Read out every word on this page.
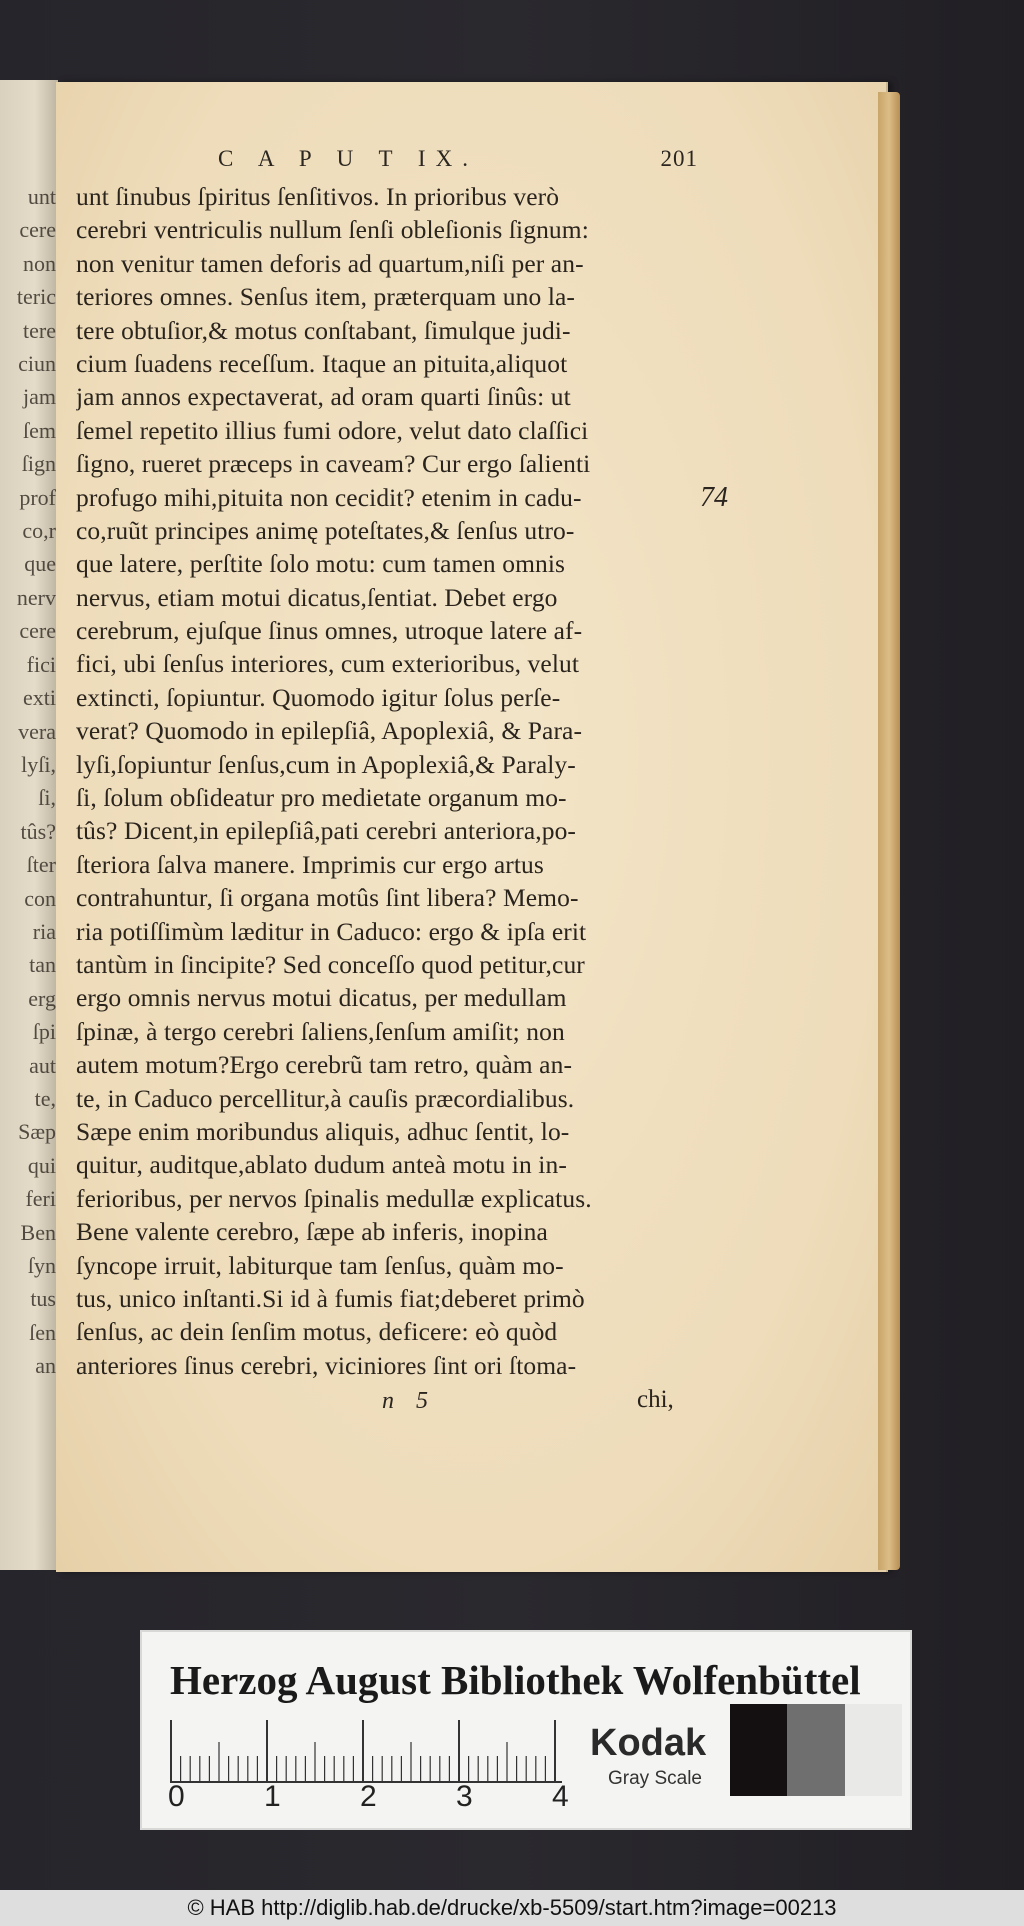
unt
cere
non
teric
tere
ciun
jam
ſem
ſign
prof
co,r
que
nerv
cere
fici
exti
vera
lyſi,
ſi,
tûs?
ſter
con
ria
tan
erg
ſpi
aut
te,
Sæp
qui
feri
Ben
ſyn
tus
ſen
an
C A P U T IX.	201
unt ſinubus ſpiritus ſenſitivos. In prioribus verò
cerebri ventriculis nullum ſenſi obleſionis ſignum:
non venitur tamen deforis ad quartum,niſi per an-
teriores omnes. Senſus item, præterquam uno la-
tere obtuſior,& motus conſtabant, ſimulque judi-
cium ſuadens receſſum. Itaque an pituita,aliquot
jam annos expectaverat, ad oram quarti ſinûs: ut
ſemel repetito illius fumi odore, velut dato claſſici
ſigno, rueret præceps in caveam? Cur ergo ſalienti
profugo mihi,pituita non cecidit? etenim in cadu-
co,ruũt principes animę poteſtates,& ſenſus utro-
que latere, perſtite ſolo motu: cum tamen omnis
nervus, etiam motui dicatus,ſentiat. Debet ergo
cerebrum, ejuſque ſinus omnes, utroque latere af-
fici, ubi ſenſus interiores, cum exterioribus, velut
extincti, ſopiuntur. Quomodo igitur ſolus perſe-
verat? Quomodo in epilepſiâ, Apoplexiâ, & Para-
lyſi,ſopiuntur ſenſus,cum in Apoplexiâ,& Paraly-
ſi, ſolum obſideatur pro medietate organum mo-
tûs? Dicent,in epilepſiâ,pati cerebri anteriora,po-
ſteriora ſalva manere. Imprimis cur ergo artus
contrahuntur, ſi organa motûs ſint libera? Memo-
ria potiſſimùm læditur in Caduco: ergo & ipſa erit
tantùm in ſincipite? Sed conceſſo quod petitur,cur
ergo omnis nervus motui dicatus, per medullam
ſpinæ, à tergo cerebri ſaliens,ſenſum amiſit; non
autem motum?Ergo cerebrũ tam retro, quàm an-
te, in Caduco percellitur,à cauſis præcordialibus.
Sæpe enim moribundus aliquis, adhuc ſentit, lo-
quitur, auditque,ablato dudum anteà motu in in-
ferioribus, per nervos ſpinalis medullæ explicatus.
Bene valente cerebro, ſæpe ab inferis, inopina
ſyncope irruit, labiturque tam ſenſus, quàm mo-
tus, unico inſtanti.Si id à fumis fiat;deberet primò
ſenſus, ac dein ſenſim motus, deficere: eò quòd
anteriores ſinus cerebri, viciniores ſint ori ſtoma-
74
n 5	chi,
Herzog August Bibliothek Wolfenbüttel
0	1	2	3	4
Kodak
Gray Scale
© HAB http://diglib.hab.de/drucke/xb-5509/start.htm?image=00213
